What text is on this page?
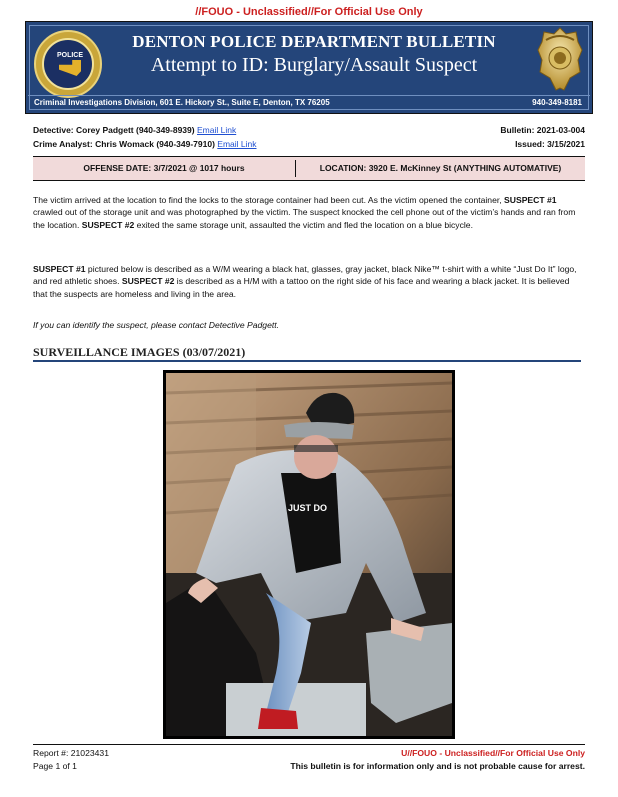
//FOUO - Unclassified//For Official Use Only
POLICE
DENTON POLICE DEPARTMENT BULLETIN
Attempt to ID: Burglary/Assault Suspect
Criminal Investigations Division, 601 E. Hickory St., Suite E, Denton, TX 76205	940-349-8181
Detective: Corey Padgett (940-349-8939) Email Link	Bulletin: 2021-03-004
Crime Analyst: Chris Womack (940-349-7910) Email Link	Issued: 3/15/2021
OFFENSE DATE: 3/7/2021 @ 1017 hours	LOCATION: 3920 E. McKinney St (ANYTHING AUTOMATIVE)
The victim arrived at the location to find the locks to the storage container had been cut. As the victim opened the container, SUSPECT #1 crawled out of the storage unit and was photographed by the victim. The suspect knocked the cell phone out of the victim’s hands and ran from the location. SUSPECT #2 exited the same storage unit, assaulted the victim and fled the location on a blue bicycle.
SUSPECT #1 pictured below is described as a W/M wearing a black hat, glasses, gray jacket, black Nike™ t-shirt with a white “Just Do It” logo, and red athletic shoes. SUSPECT #2 is described as a H/M with a tattoo on the right side of his face and wearing a black jacket. It is believed that the suspects are homeless and living in the area.
If you can identify the suspect, please contact Detective Padgett.
SURVEILLANCE IMAGES (03/07/2021)
JUST DO
Report #: 21023431
Page 1 of 1
U//FOUO - Unclassified//For Official Use Only
This bulletin is for information only and is not probable cause for arrest.
